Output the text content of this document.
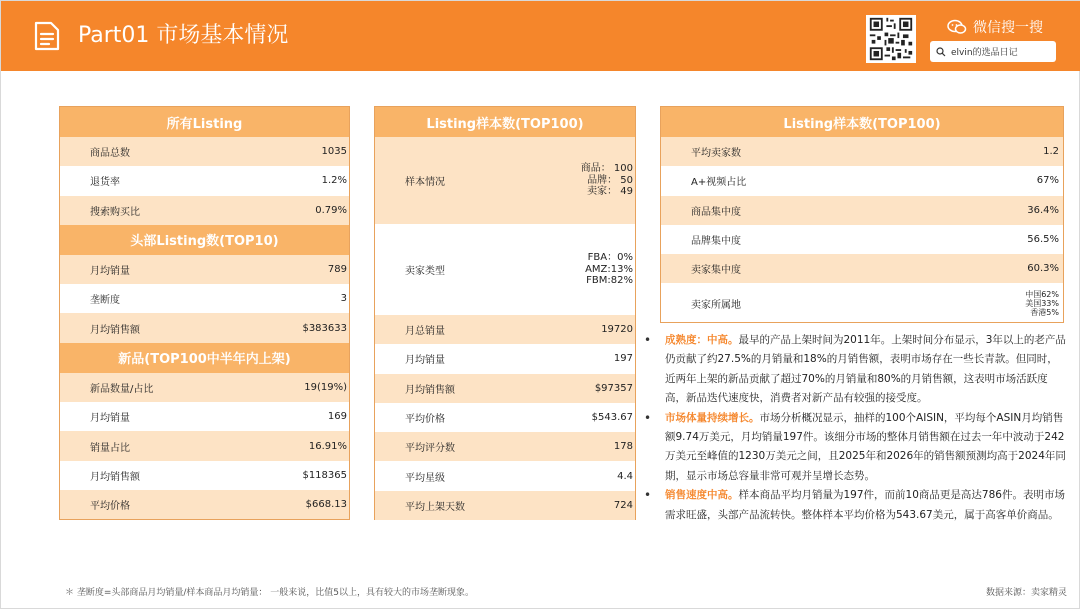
Part01 市场基本情况	微信搜一搜
elvin的选品日记
所有Listing
商品总数	1035
退货率	1.2%
搜索购买比	0.79%
头部Listing数(TOP10)
月均销量	789
垄断度	3
月均销售额	$383633
新品(TOP100中半年内上架)
新品数量/占比	19(19%)
月均销量	169
销量占比	16.91%
月均销售额	$118365
平均价格	$668.13
Listing样本数(TOP100)
样本情况
商品： 100
品牌： 50
卖家： 49
卖家类型
FBA：0%
AMZ:13%
FBM:82%
月总销量	19720
月均销量	197
月均销售额	$97357
平均价格	$543.67
平均评分数	178
平均星级	4.4
平均上架天数	724
Listing样本数(TOP100)
平均卖家数	1.2
A+视频占比	67%
商品集中度	36.4%
品牌集中度	56.5%
卖家集中度	60.3%
卖家所属地
中国62%
美国33%
香港5%
• 成熟度：中高。最早的产品上架时间为2011年。上架时间分布显示，3年以上的老产品仍贡献了约27.5%的月销量和18%的月销售额，表明市场存在一些长青款。但同时，近两年上架的新品贡献了超过70%的月销量和80%的月销售额，这表明市场活跃度高，新品迭代速度快，消费者对新产品有较强的接受度。
• 市场体量持续增长。市场分析概况显示，抽样的100个AISIN，平均每个ASIN月均销售额9.74万美元，月均销量197件。该细分市场的整体月销售额在过去一年中波动于242万美元至峰值的1230万美元之间，且2025年和2026年的销售额预测均高于2024年同期，显示市场总容量非常可观并呈增长态势。
• 销售速度中高。样本商品平均月销量为197件，而前10商品更是高达786件。表明市场需求旺盛，头部产品流转快。整体样本平均价格为543.67美元，属于高客单价商品。
＊ 垄断度=头部商品月均销量/样本商品月均销量： 一般来说，比值5以上，具有较大的市场垄断现象。	数据来源：卖家精灵
